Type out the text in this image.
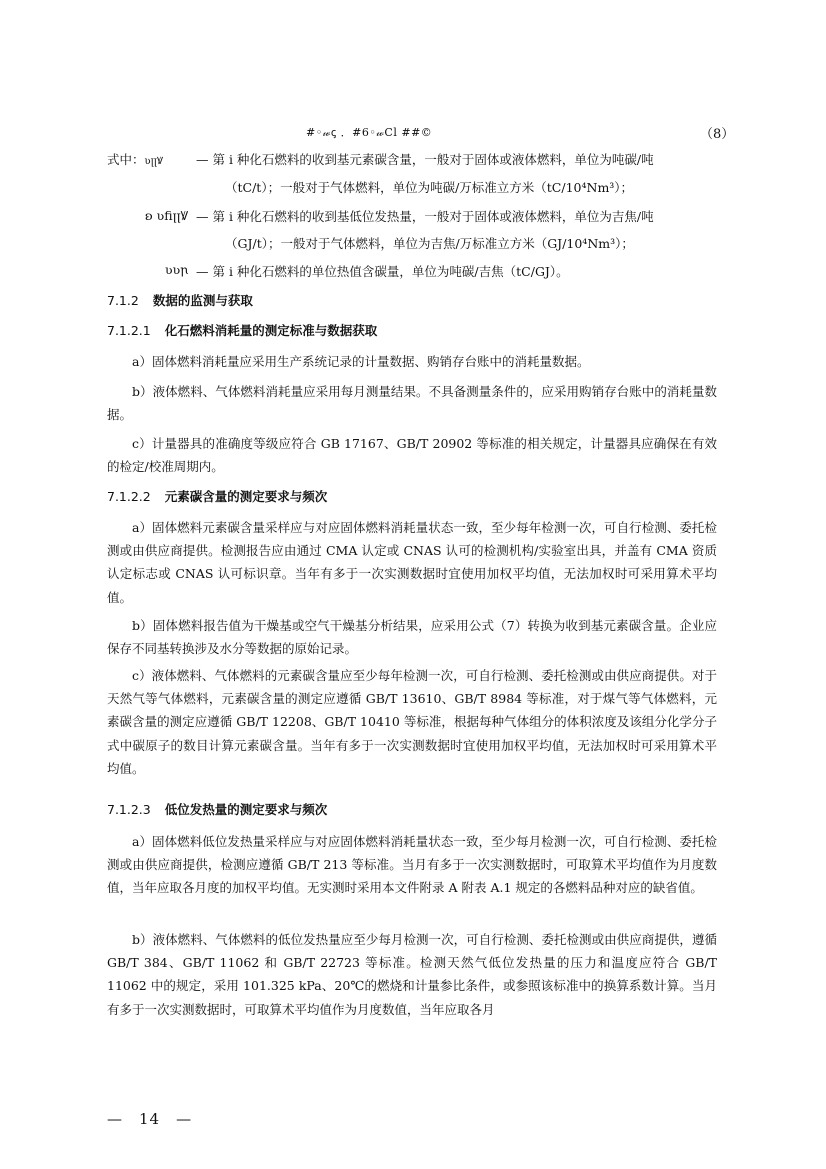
#◦𝓌ꞔ ．#6◦𝓌Cl ##©	（8）
式中：ʋꞁꞁꝞ	— 第 i 种化石燃料的收到基元素碳含量，一般对于固体或液体燃料，单位为吨碳/吨
（tC/t）；一般对于气体燃料，单位为吨碳/万标准立方米（tC/10⁴Nm³）；
ʚ ʋﬁꞁꞁꝞ — 第 i 种化石燃料的收到基低位发热量，一般对于固体或液体燃料，单位为吉焦/吨
（GJ/t）；一般对于气体燃料，单位为吉焦/万标准立方米（GJ/10⁴Nm³）；
ʋʋꞃ — 第 i 种化石燃料的单位热值含碳量，单位为吨碳/吉焦（tC/GJ）。
7.1.2 数据的监测与获取
7.1.2.1 化石燃料消耗量的测定标准与数据获取
a）固体燃料消耗量应采用生产系统记录的计量数据、购销存台账中的消耗量数据。
b）液体燃料、气体燃料消耗量应采用每月测量结果。不具备测量条件的，应采用购销存台账中的消耗量数据。
c）计量器具的准确度等级应符合 GB 17167、GB/T 20902 等标准的相关规定，计量器具应确保在有效的检定/校准周期内。
7.1.2.2 元素碳含量的测定要求与频次
a）固体燃料元素碳含量采样应与对应固体燃料消耗量状态一致，至少每年检测一次，可自行检测、委托检测或由供应商提供。检测报告应由通过 CMA 认定或 CNAS 认可的检测机构/实验室出具，并盖有 CMA 资质认定标志或 CNAS 认可标识章。当年有多于一次实测数据时宜使用加权平均值，无法加权时可采用算术平均值。
b）固体燃料报告值为干燥基或空气干燥基分析结果，应采用公式（7）转换为收到基元素碳含量。企业应保存不同基转换涉及水分等数据的原始记录。
c）液体燃料、气体燃料的元素碳含量应至少每年检测一次，可自行检测、委托检测或由供应商提供。对于天然气等气体燃料，元素碳含量的测定应遵循 GB/T 13610、GB/T 8984 等标准，对于煤气等气体燃料，元素碳含量的测定应遵循 GB/T 12208、GB/T 10410 等标准，根据每种气体组分的体积浓度及该组分化学分子式中碳原子的数目计算元素碳含量。当年有多于一次实测数据时宜使用加权平均值，无法加权时可采用算术平均值。
7.1.2.3 低位发热量的测定要求与频次
a）固体燃料低位发热量采样应与对应固体燃料消耗量状态一致，至少每月检测一次，可自行检测、委托检测或由供应商提供，检测应遵循 GB/T 213 等标准。当月有多于一次实测数据时，可取算术平均值作为月度数值，当年应取各月度的加权平均值。无实测时采用本文件附录 A 附表 A.1 规定的各燃料品种对应的缺省值。
b）液体燃料、气体燃料的低位发热量应至少每月检测一次，可自行检测、委托检测或由供应商提供，遵循 GB/T 384、GB/T 11062 和 GB/T 22723 等标准。检测天然气低位发热量的压力和温度应符合 GB/T 11062 中的规定，采用 101.325 kPa、20℃的燃烧和计量参比条件，或参照该标准中的换算系数计算。当月有多于一次实测数据时，可取算术平均值作为月度数值，当年应取各月
—　14　—
